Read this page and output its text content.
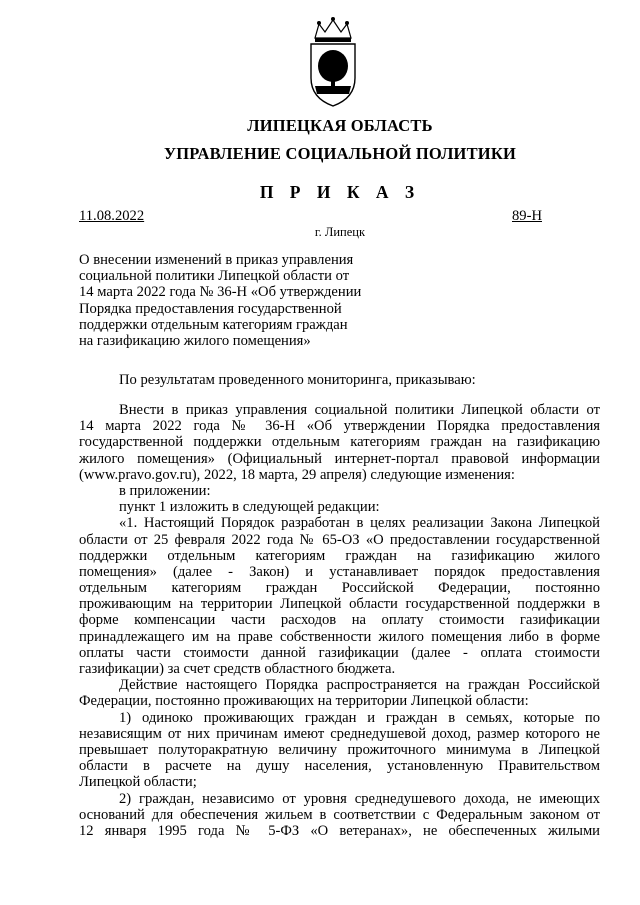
ЛИПЕЦКАЯ ОБЛАСТЬ
УПРАВЛЕНИЕ СОЦИАЛЬНОЙ ПОЛИТИКИ
П Р И К А З
11.08.2022	89-Н
г. Липецк
О внесении изменений в приказ управления
социальной политики Липецкой области от
14 марта 2022 года № 36-Н «Об утверждении
Порядка предоставления государственной
поддержки отдельным категориям граждан
на газификацию жилого помещения»
По результатам проведенного мониторинга, приказываю:
Внести в приказ управления социальной политики Липецкой области от
14 марта 2022 года № 36-Н «Об утверждении Порядка предоставления
государственной поддержки отдельным категориям граждан на газификацию
жилого помещения» (Официальный интернет-портал правовой информации
(www.pravo.gov.ru), 2022, 18 марта, 29 апреля) следующие изменения:
в приложении:
пункт 1 изложить в следующей редакции:
«1. Настоящий Порядок разработан в целях реализации Закона Липецкой
области от 25 февраля 2022 года № 65-ОЗ «О предоставлении государственной
поддержки отдельным категориям граждан на газификацию жилого
помещения» (далее - Закон) и устанавливает порядок предоставления
отдельным категориям граждан Российской Федерации, постоянно
проживающим на территории Липецкой области государственной поддержки в
форме компенсации части расходов на оплату стоимости газификации
принадлежащего им на праве собственности жилого помещения либо в форме
оплаты части стоимости данной газификации (далее - оплата стоимости
газификации) за счет средств областного бюджета.
Действие настоящего Порядка распространяется на граждан Российской
Федерации, постоянно проживающих на территории Липецкой области:
1) одиноко проживающих граждан и граждан в семьях, которые по
независящим от них причинам имеют среднедушевой доход, размер которого не
превышает полуторакратную величину прожиточного минимума в Липецкой
области в расчете на душу населения, установленную Правительством
Липецкой области;
2) граждан, независимо от уровня среднедушевого дохода, не имеющих
оснований для обеспечения жильем в соответствии с Федеральным законом от
12 января 1995 года № 5-ФЗ «О ветеранах», не обеспеченных жилыми
